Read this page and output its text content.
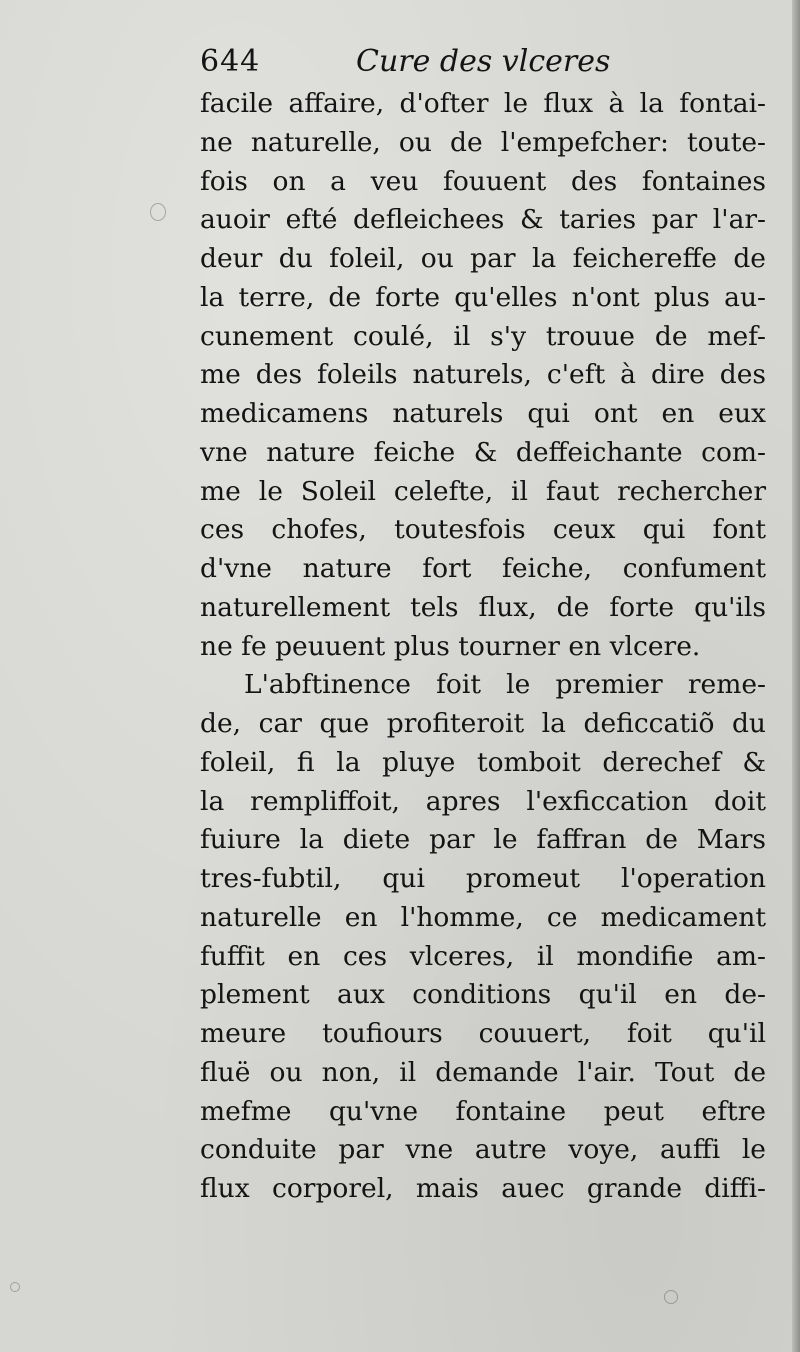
644	Cure des vlceres
facile affaire, d'ofter le flux à la fontai-
ne naturelle, ou de l'empefcher: toute-
fois on a veu fouuent des fontaines
auoir efté defleichees & taries par l'ar-
deur du foleil, ou par la feichereffe de
la terre, de forte qu'elles n'ont plus au-
cunement coulé, il s'y trouue de mef-
me des foleils naturels, c'eft à dire des
medicamens naturels qui ont en eux
vne nature feiche & deffeichante com-
me le Soleil celefte, il faut rechercher
ces chofes, toutesfois ceux qui font
d'vne nature fort feiche, confument
naturellement tels flux, de forte qu'ils
ne fe peuuent plus tourner en vlcere.
L'abftinence foit le premier reme-
de, car que profiteroit la deficcatiõ du
foleil, fi la pluye tomboit derechef &
la rempliffoit, apres l'exficcation doit
fuiure la diete par le faffran de Mars
tres-fubtil, qui promeut l'operation
naturelle en l'homme, ce medicament
fuffit en ces vlceres, il mondifie am-
plement aux conditions qu'il en de-
meure toufiours couuert, foit qu'il
fluë ou non, il demande l'air. Tout de
mefme qu'vne fontaine peut eftre
conduite par vne autre voye, auffi le
flux corporel, mais auec grande diffi-
